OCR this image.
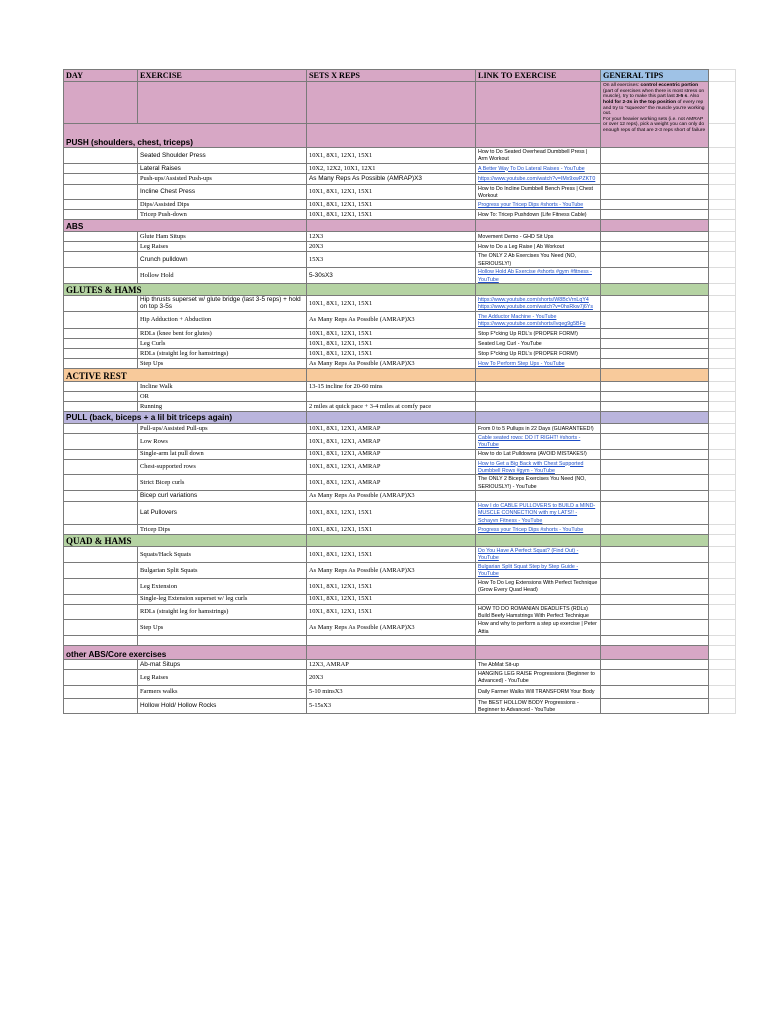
DAY	EXERCISE	SETS X REPS	LINK TO EXERCISE	GENERAL TIPS	
				On all exercises: control eccentric portion (part of exercises when there is most stress on muscle), try to make this part last 3-5 s. Also hold for 2-3s in the top position of every rep and try to "squeeze" the muscle you're working out.
For your heavier working sets (i.e. not AMRAP or over 12 reps), pick a weight you can only do enough reps of that are 2-3 reps short of failure	
PUSH (shoulders, chest, triceps)					
	Seated Shoulder Press	10X1, 8X1, 12X1, 15X1	How to Do Seated Overhead Dumbbell Press | Arm Workout		
	Lateral Raises	10X2, 12X2, 10X1, 12X1	A Better Way To Do Lateral Raises - YouTube		
	Push-ups/Assisted Push-ups	As Many Reps As Possible (AMRAP)X3	https://www.youtube.com/watch?v=IMx9xwPZKT0		
	Incline Chest Press	10X1, 8X1, 12X1, 15X1	How to Do Incline Dumbbell Bench Press | Chest Workout		
	Dips/Assisted Dips	10X1, 8X1, 12X1, 15X1	Progress your Tricep Dips #shorts - YouTube		
	Tricep Push-down	10X1, 8X1, 12X1, 15X1	How To: Tricep Pushdown (Life Fitness Cable)		
ABS					
	Glute Ham Situps	12X3	Movement Demo - GHD Sit Ups		
	Leg Raises	20X3	How to Do a Leg Raise | Ab Workout		
	Crunch pulldown	15X3	The ONLY 2 Ab Exercises You Need (NO, SERIOUSLY!)		
	Hollow Hold	5-30sX3	Hollow Hold Ab Exercise #shorts #gym #fitness - YouTube		
GLUTES & HAMS					
	Hip thrusts superset w/ glute bridge (last 3-5 reps) + hold on top 3-5s	10X1, 8X1, 12X1, 15X1	https://www.youtube.com/shorts/W8BcVrnLqY4 https://www.youtube.com/watch?v=0hsRkw7j6Ys		
	Hip Adduction + Abduction	As Many Reps As Possible (AMRAP)X3	The Adductor Machine - YouTube https://www.youtube.com/shorts/Ivqeg9g5BFs		
	RDLs (knee bent for glutes)	10X1, 8X1, 12X1, 15X1	Stop F*cking Up RDL's (PROPER FORM!)		
	Leg Curls	10X1, 8X1, 12X1, 15X1	Seated Leg Curl - YouTube		
	RDLs (straight leg for hamstrings)	10X1, 8X1, 12X1, 15X1	Stop F*cking Up RDL's (PROPER FORM!)		
	Step Ups	As Many Reps As Possible (AMRAP)X3	How To Perform Step Ups - YouTube		
ACTIVE REST					
	Incline Walk	13-15 incline for 20-60 mins			
	OR				
	Running	2 miles at quick pace + 3-4 miles at comfy pace			
PULL (back, biceps + a lil bit triceps again)					
	Pull-ups/Assisted Pull-ups	10X1, 8X1, 12X1, AMRAP	From 0 to 5 Pullups in 22 Days (GUARANTEED!)		
	Low Rows	10X1, 8X1, 12X1, AMRAP	Cable seated rows: DO IT RIGHT! #shorts - YouTube		
	Single-arm lat pull down	10X1, 8X1, 12X1, AMRAP	How to do Lat Pulldowns (AVOID MISTAKES!)		
	Chest-supported rows	10X1, 8X1, 12X1, AMRAP	How to Get a Big Back with Chest Supported Dumbbell Rows #gym - YouTube		
	Strict Bicep curls	10X1, 8X1, 12X1, AMRAP	The ONLY 2 Biceps Exercises You Need (NO, SERIOUSLY!) - YouTube		
	Bicep curl variations	As Many Reps As Possible (AMRAP)X3			
	Lat Pullovers	10X1, 8X1, 12X1, 15X1	How I do CABLE PULLOVERS to BUILD a MIND-MUSCLE CONNECTION with my LATS!! - Schayvn Fitness - YouTube		
	Tricep Dips	10X1, 8X1, 12X1, 15X1	Progress your Tricep Dips #shorts - YouTube		
QUAD & HAMS					
	Squats/Hack Squats	10X1, 8X1, 12X1, 15X1	Do You Have A Perfect Squat? (Find Out) - YouTube		
	Bulgarian Split Squats	As Many Reps As Possible (AMRAP)X3	Bulgarian Split Squat Step by Step Guide - YouTube		
	Leg Extension	10X1, 8X1, 12X1, 15X1	How To Do Leg Extensions With Perfect Technique (Grow Every Quad Head)		
	Single-leg Extension superset w/ leg curls	10X1, 8X1, 12X1, 15X1			
	RDLs (straight leg for hamstrings)	10X1, 8X1, 12X1, 15X1	HOW TO DO ROMANIAN DEADLIFTS (RDLs) Build Beefy Hamstrings With Perfect Technique		
	Step Ups	As Many Reps As Possible (AMRAP)X3	How and why to perform a step up exercise | Peter Attia		

other ABS/Core exercises					
	Ab-mat Situps	12X3, AMRAP	The AbMat Sit-up		
	Leg Raises	20X3	HANGING LEG RAISE Progressions (Beginner to Advanced) - YouTube		
	Farmers walks	5-10 minsX3	Daily Farmer Walks Will TRANSFORM Your Body		
	Hollow Hold/ Hollow Rocks	5-15sX3	The BEST HOLLOW BODY Progressions - Beginner to Advanced - YouTube		
